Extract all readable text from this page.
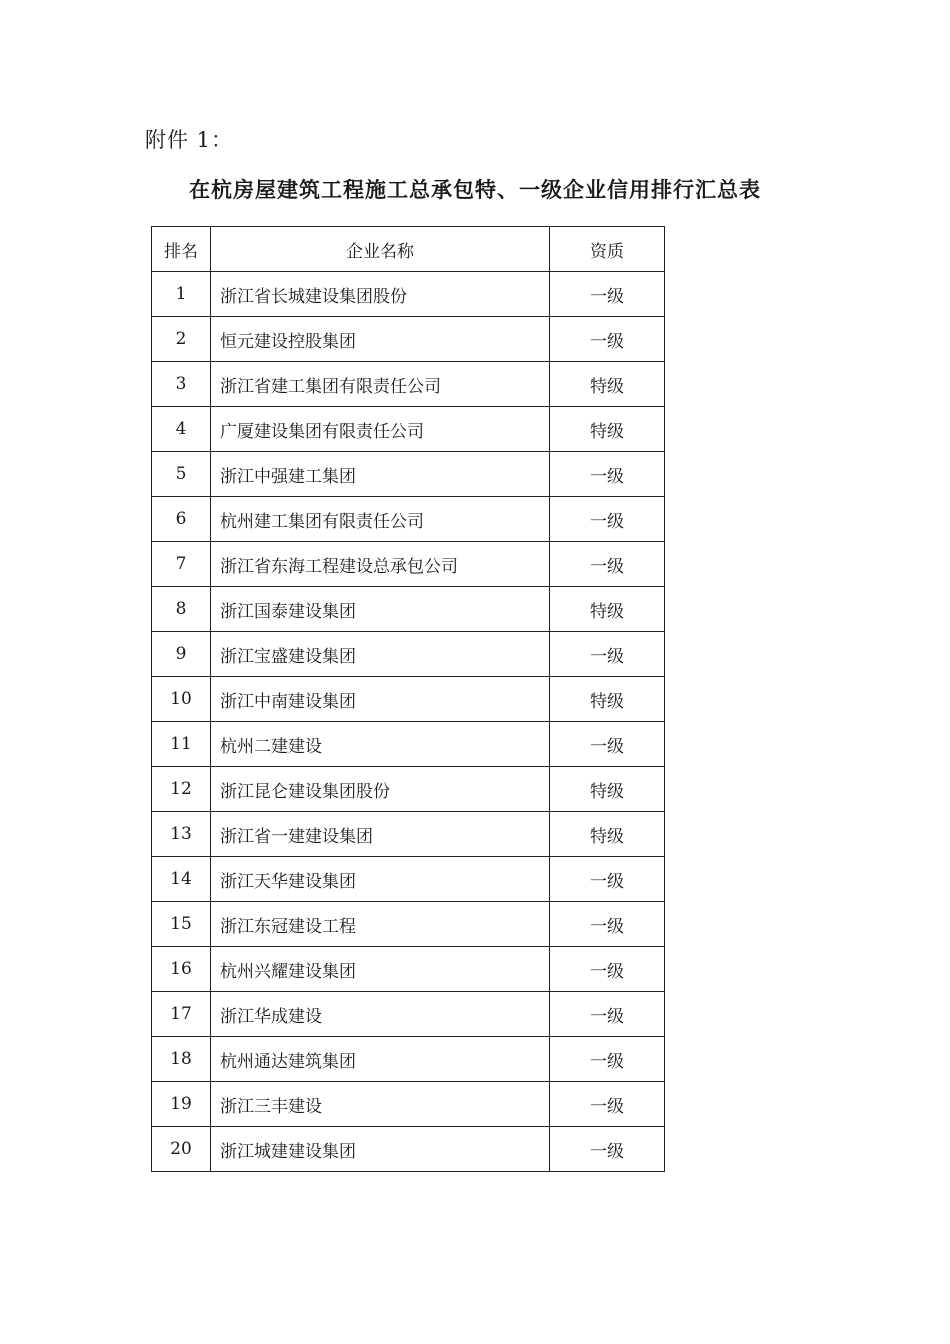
附件 1：
在杭房屋建筑工程施工总承包特、一级企业信用排行汇总表
排名	企业名称	资质
1	浙江省长城建设集团股份	一级
2	恒元建设控股集团	一级
3	浙江省建工集团有限责任公司	特级
4	广厦建设集团有限责任公司	特级
5	浙江中强建工集团	一级
6	杭州建工集团有限责任公司	一级
7	浙江省东海工程建设总承包公司	一级
8	浙江国泰建设集团	特级
9	浙江宝盛建设集团	一级
10	浙江中南建设集团	特级
11	杭州二建建设	一级
12	浙江昆仑建设集团股份	特级
13	浙江省一建建设集团	特级
14	浙江天华建设集团	一级
15	浙江东冠建设工程	一级
16	杭州兴耀建设集团	一级
17	浙江华成建设	一级
18	杭州通达建筑集团	一级
19	浙江三丰建设	一级
20	浙江城建建设集团	一级
